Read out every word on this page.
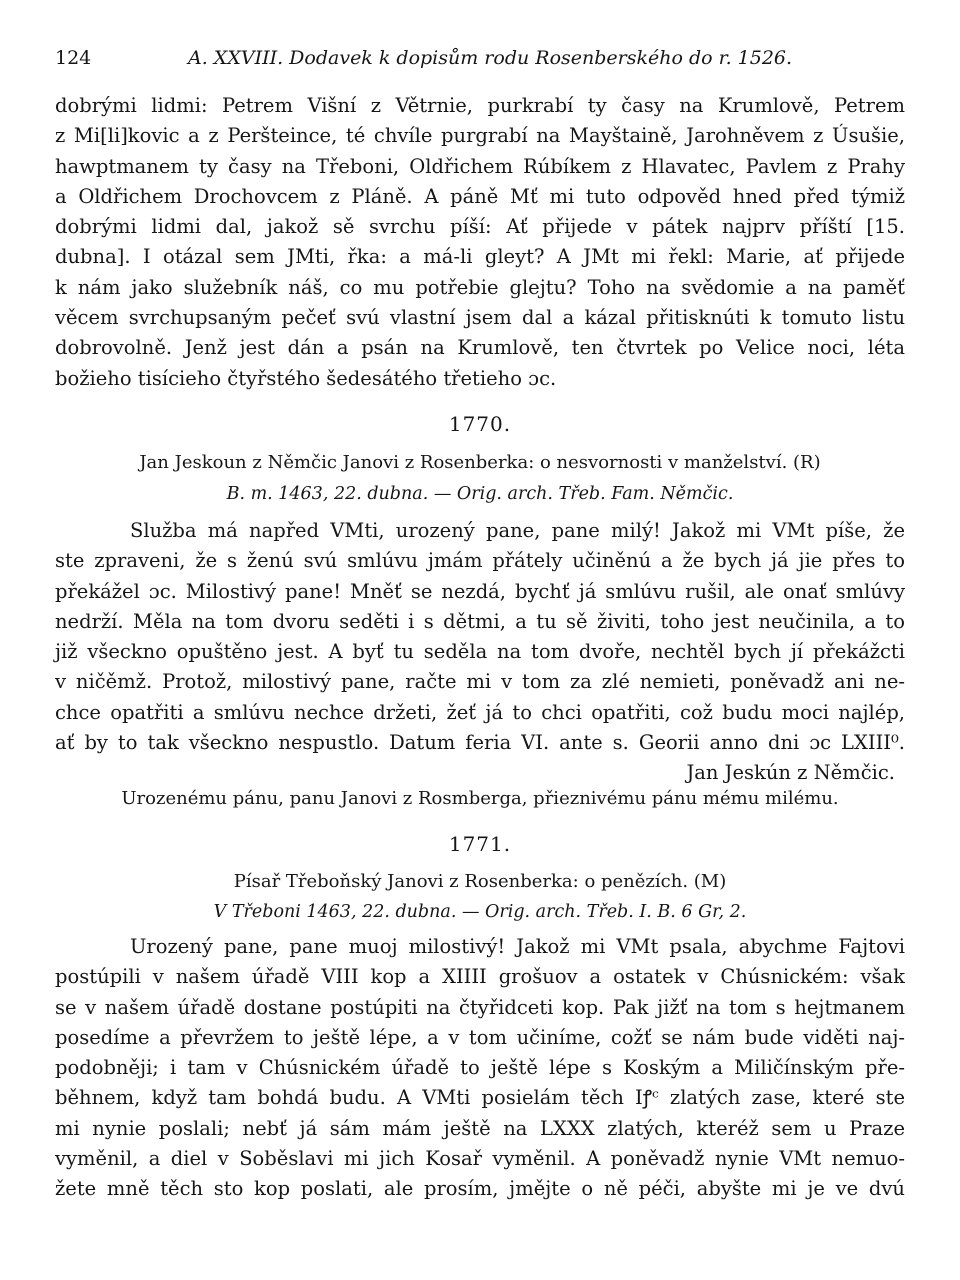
124	A. XXVIII. Dodavek k dopisům rodu Rosenberského do r. 1526.
dobrými lidmi: Petrem Višní z Větrnie, purkrabí ty časy na Krumlově, Petrem
z Mi[li]kovic a z Peršteince, té chvíle purgrabí na Mayštaině, Jarohněvem z Úsušie,
hawptmanem ty časy na Třeboni, Oldřichem Rúbíkem z Hlavatec, Pavlem z Prahy
a Oldřichem Drochovcem z Pláně. A páně Mť mi tuto odpověd hned před týmiž
dobrými lidmi dal, jakož sě svrchu píší: Ať přijede v pátek najprv příští [15.
dubna]. I otázal sem JMti, řka: a má-li gleyt? A JMt mi řekl: Marie, ať přijede
k nám jako služebník náš, co mu potřebie glejtu? Toho na svědomie a na paměť
věcem svrchupsaným pečeť svú vlastní jsem dal a kázal přitisknúti k tomuto listu
dobrovolně. Jenž jest dán a psán na Krumlově, ten čtvrtek po Velice noci, léta
božieho tisícieho čtyřstého šedesátého třetieho ɔc.
1770.
Jan Jeskoun z Němčic Janovi z Rosenberka: o nesvornosti v manželství. (R)
B. m. 1463, 22. dubna. — Orig. arch. Třeb. Fam. Němčic.
Služba má napřed VMti, urozený pane, pane milý! Jakož mi VMt píše, že
ste zpraveni, že s ženú svú smlúvu jmám přátely učiněnú a že bych já jie přes to
překážel ɔc. Milostivý pane! Mněť se nezdá, bychť já smlúvu rušil, ale onať smlúvy
nedrží. Měla na tom dvoru seděti i s dětmi, a tu sě živiti, toho jest neučinila, a to
již všeckno opuštěno jest. A byť tu seděla na tom dvoře, nechtěl bych jí překážcti
v ničěmž. Protož, milostivý pane, račte mi v tom za zlé nemieti, poněvadž ani ne-
chce opatřiti a smlúvu nechce držeti, žeť já to chci opatřiti, což budu moci najlép,
ať by to tak všeckno nespustlo. Datum feria VI. ante s. Georii anno dni ɔc LXIII⁰.
Jan Jeskún z Němčic.
Urozenému pánu, panu Janovi z Rosmberga, přieznivému pánu mému milému.
1771.
Písař Třeboňský Janovi z Rosenberka: o penězích. (M)
V Třeboni 1463, 22. dubna. — Orig. arch. Třeb. I. B. 6 Gr, 2.
Urozený pane, pane muoj milostivý! Jakož mi VMt psala, abychme Fajtovi
postúpili v našem úřadě VIII kop a XIIII grošuov a ostatek v Chúsnickém: však
se v našem úřadě dostane postúpiti na čtyřidceti kop. Pak jižť na tom s hejtmanem
posedíme a převržem to ještě lépe, a v tom učiníme, cožť se nám bude viděti naj-
podobněji; i tam v Chúsnickém úřadě to ještě lépe s Koským a Miličínským pře-
běhnem, když tam bohdá budu. A VMti posielám těch Iꝭᶜ zlatých zase, které ste
mi nynie poslali; nebť já sám mám ještě na LXXX zlatých, kteréž sem u Praze
vyměnil, a diel v Soběslavi mi jich Kosař vyměnil. A poněvadž nynie VMt nemuo-
žete mně těch sto kop poslati, ale prosím, jmějte o ně péči, abyšte mi je ve dvú
